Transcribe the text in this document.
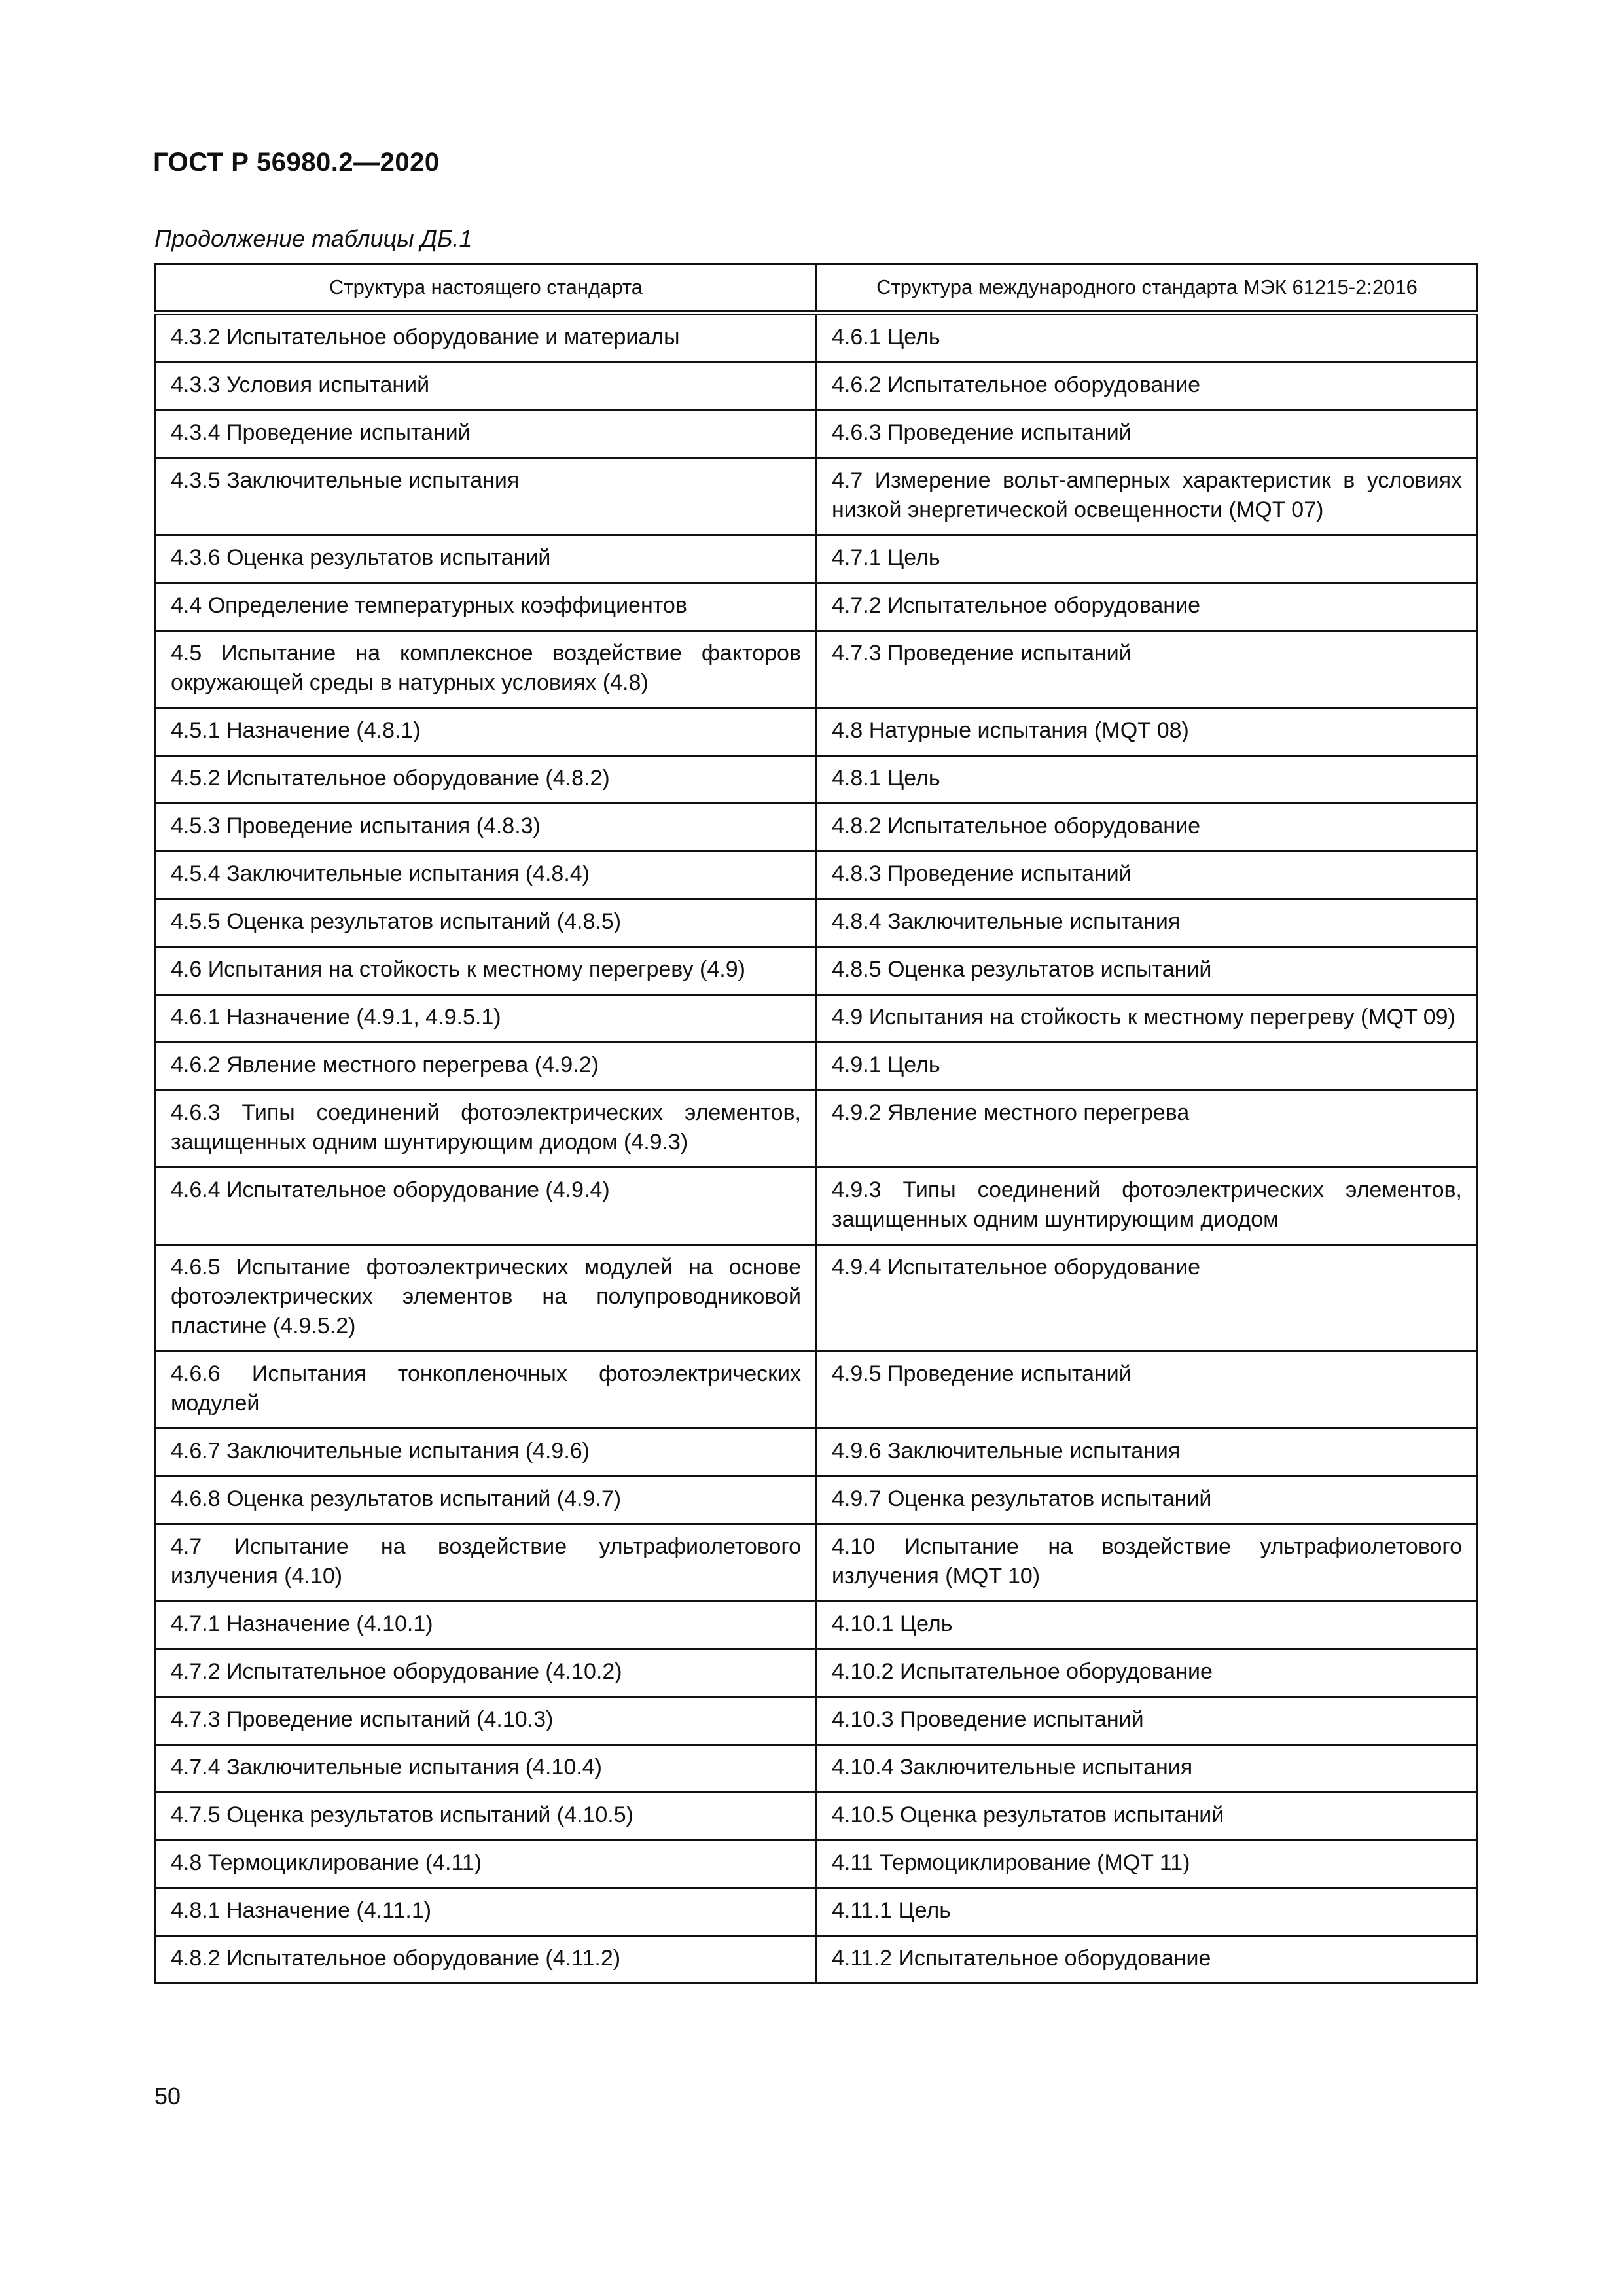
ГОСТ Р 56980.2—2020
Продолжение таблицы ДБ.1
Структура настоящего стандарта	Структура международного стандарта МЭК 61215-2:2016
4.3.2 Испытательное оборудование и материалы	4.6.1 Цель
4.3.3 Условия испытаний	4.6.2 Испытательное оборудование
4.3.4 Проведение испытаний	4.6.3 Проведение испытаний
4.3.5 Заключительные испытания	4.7 Измерение вольт-амперных характеристик в условиях низкой энергетической освещенности (MQT 07)
4.3.6 Оценка результатов испытаний	4.7.1 Цель
4.4 Определение температурных коэффициентов	4.7.2 Испытательное оборудование
4.5 Испытание на комплексное воздействие факторов окружающей среды в натурных условиях (4.8)	4.7.3 Проведение испытаний
4.5.1 Назначение (4.8.1)	4.8 Натурные испытания (MQT 08)
4.5.2 Испытательное оборудование (4.8.2)	4.8.1 Цель
4.5.3 Проведение испытания (4.8.3)	4.8.2 Испытательное оборудование
4.5.4 Заключительные испытания (4.8.4)	4.8.3 Проведение испытаний
4.5.5 Оценка результатов испытаний (4.8.5)	4.8.4 Заключительные испытания
4.6 Испытания на стойкость к местному перегреву (4.9)	4.8.5 Оценка результатов испытаний
4.6.1 Назначение (4.9.1, 4.9.5.1)	4.9 Испытания на стойкость к местному перегреву (MQT 09)
4.6.2 Явление местного перегрева (4.9.2)	4.9.1 Цель
4.6.3 Типы соединений фотоэлектрических элементов, защищенных одним шунтирующим диодом (4.9.3)	4.9.2 Явление местного перегрева
4.6.4 Испытательное оборудование (4.9.4)	4.9.3 Типы соединений фотоэлектрических элементов, защищенных одним шунтирующим диодом
4.6.5 Испытание фотоэлектрических модулей на основе фотоэлектрических элементов на полупроводниковой пластине (4.9.5.2)	4.9.4 Испытательное оборудование
4.6.6 Испытания тонкопленочных фотоэлектрических модулей	4.9.5 Проведение испытаний
4.6.7 Заключительные испытания (4.9.6)	4.9.6 Заключительные испытания
4.6.8 Оценка результатов испытаний (4.9.7)	4.9.7 Оценка результатов испытаний
4.7 Испытание на воздействие ультрафиолетового излучения (4.10)	4.10 Испытание на воздействие ультрафиолетового излучения (MQT 10)
4.7.1 Назначение (4.10.1)	4.10.1 Цель
4.7.2 Испытательное оборудование (4.10.2)	4.10.2 Испытательное оборудование
4.7.3 Проведение испытаний (4.10.3)	4.10.3 Проведение испытаний
4.7.4 Заключительные испытания (4.10.4)	4.10.4 Заключительные испытания
4.7.5 Оценка результатов испытаний (4.10.5)	4.10.5 Оценка результатов испытаний
4.8 Термоциклирование (4.11)	4.11 Термоциклирование (MQT 11)
4.8.1 Назначение (4.11.1)	4.11.1 Цель
4.8.2 Испытательное оборудование (4.11.2)	4.11.2 Испытательное оборудование
50
